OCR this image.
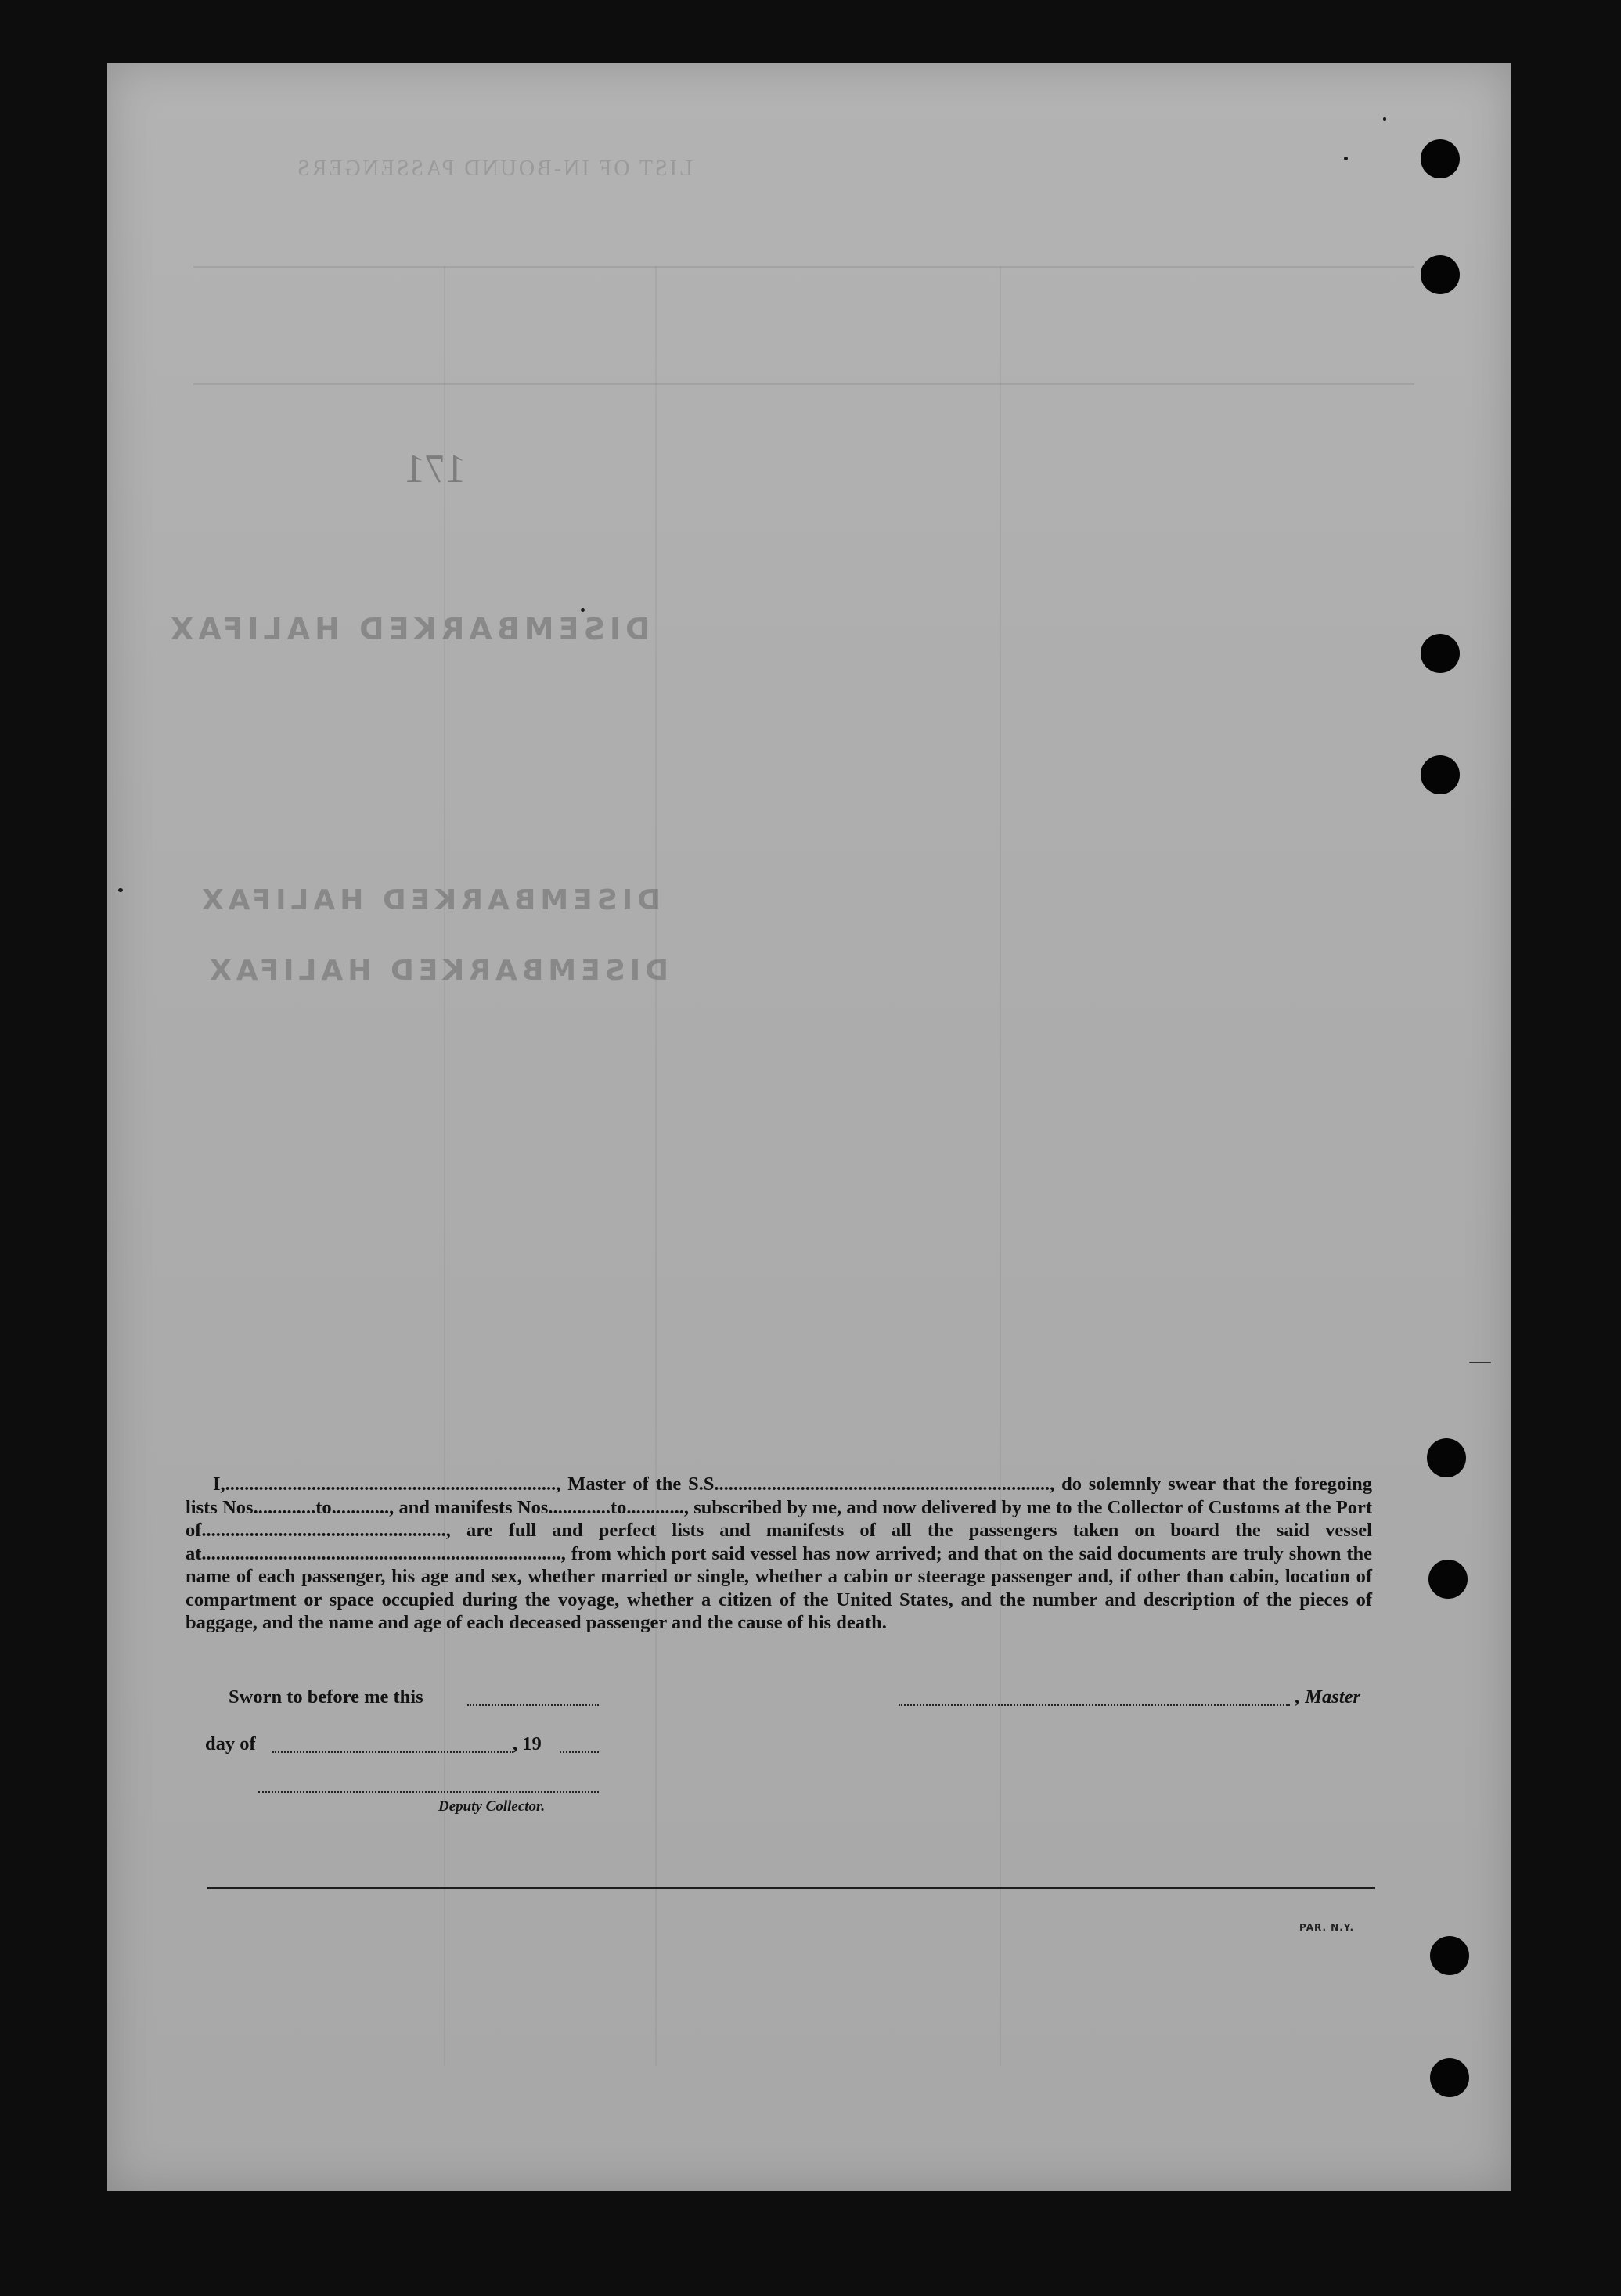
LIST OF IN-BOUND PASSENGERS
171
DISEMBARKED HALIFAX
DISEMBARKED HALIFAX
DISEMBARKED HALIFAX

I,....................................................................., Master of the S.S......................................................................, do solemnly swear that the foregoing lists Nos.............to............, and manifests Nos.............to............, subscribed by me, and now delivered by me to the Collector of Customs at the Port of..................................................., are full and perfect lists and manifests of all the passengers taken on board the said vessel at..........................................................................., from which port said vessel has now arrived; and that on the said documents are truly shown the name of each passenger, his age and sex, whether married or single, whether a cabin or steerage passenger and, if other than cabin, location of compartment or space occupied during the voyage, whether a citizen of the United States, and the number and description of the pieces of baggage, and the name and age of each deceased passenger and the cause of his death.

Sworn to before me this	, Master
day of	, 19
Deputy Collector.
PAR. N.Y.
